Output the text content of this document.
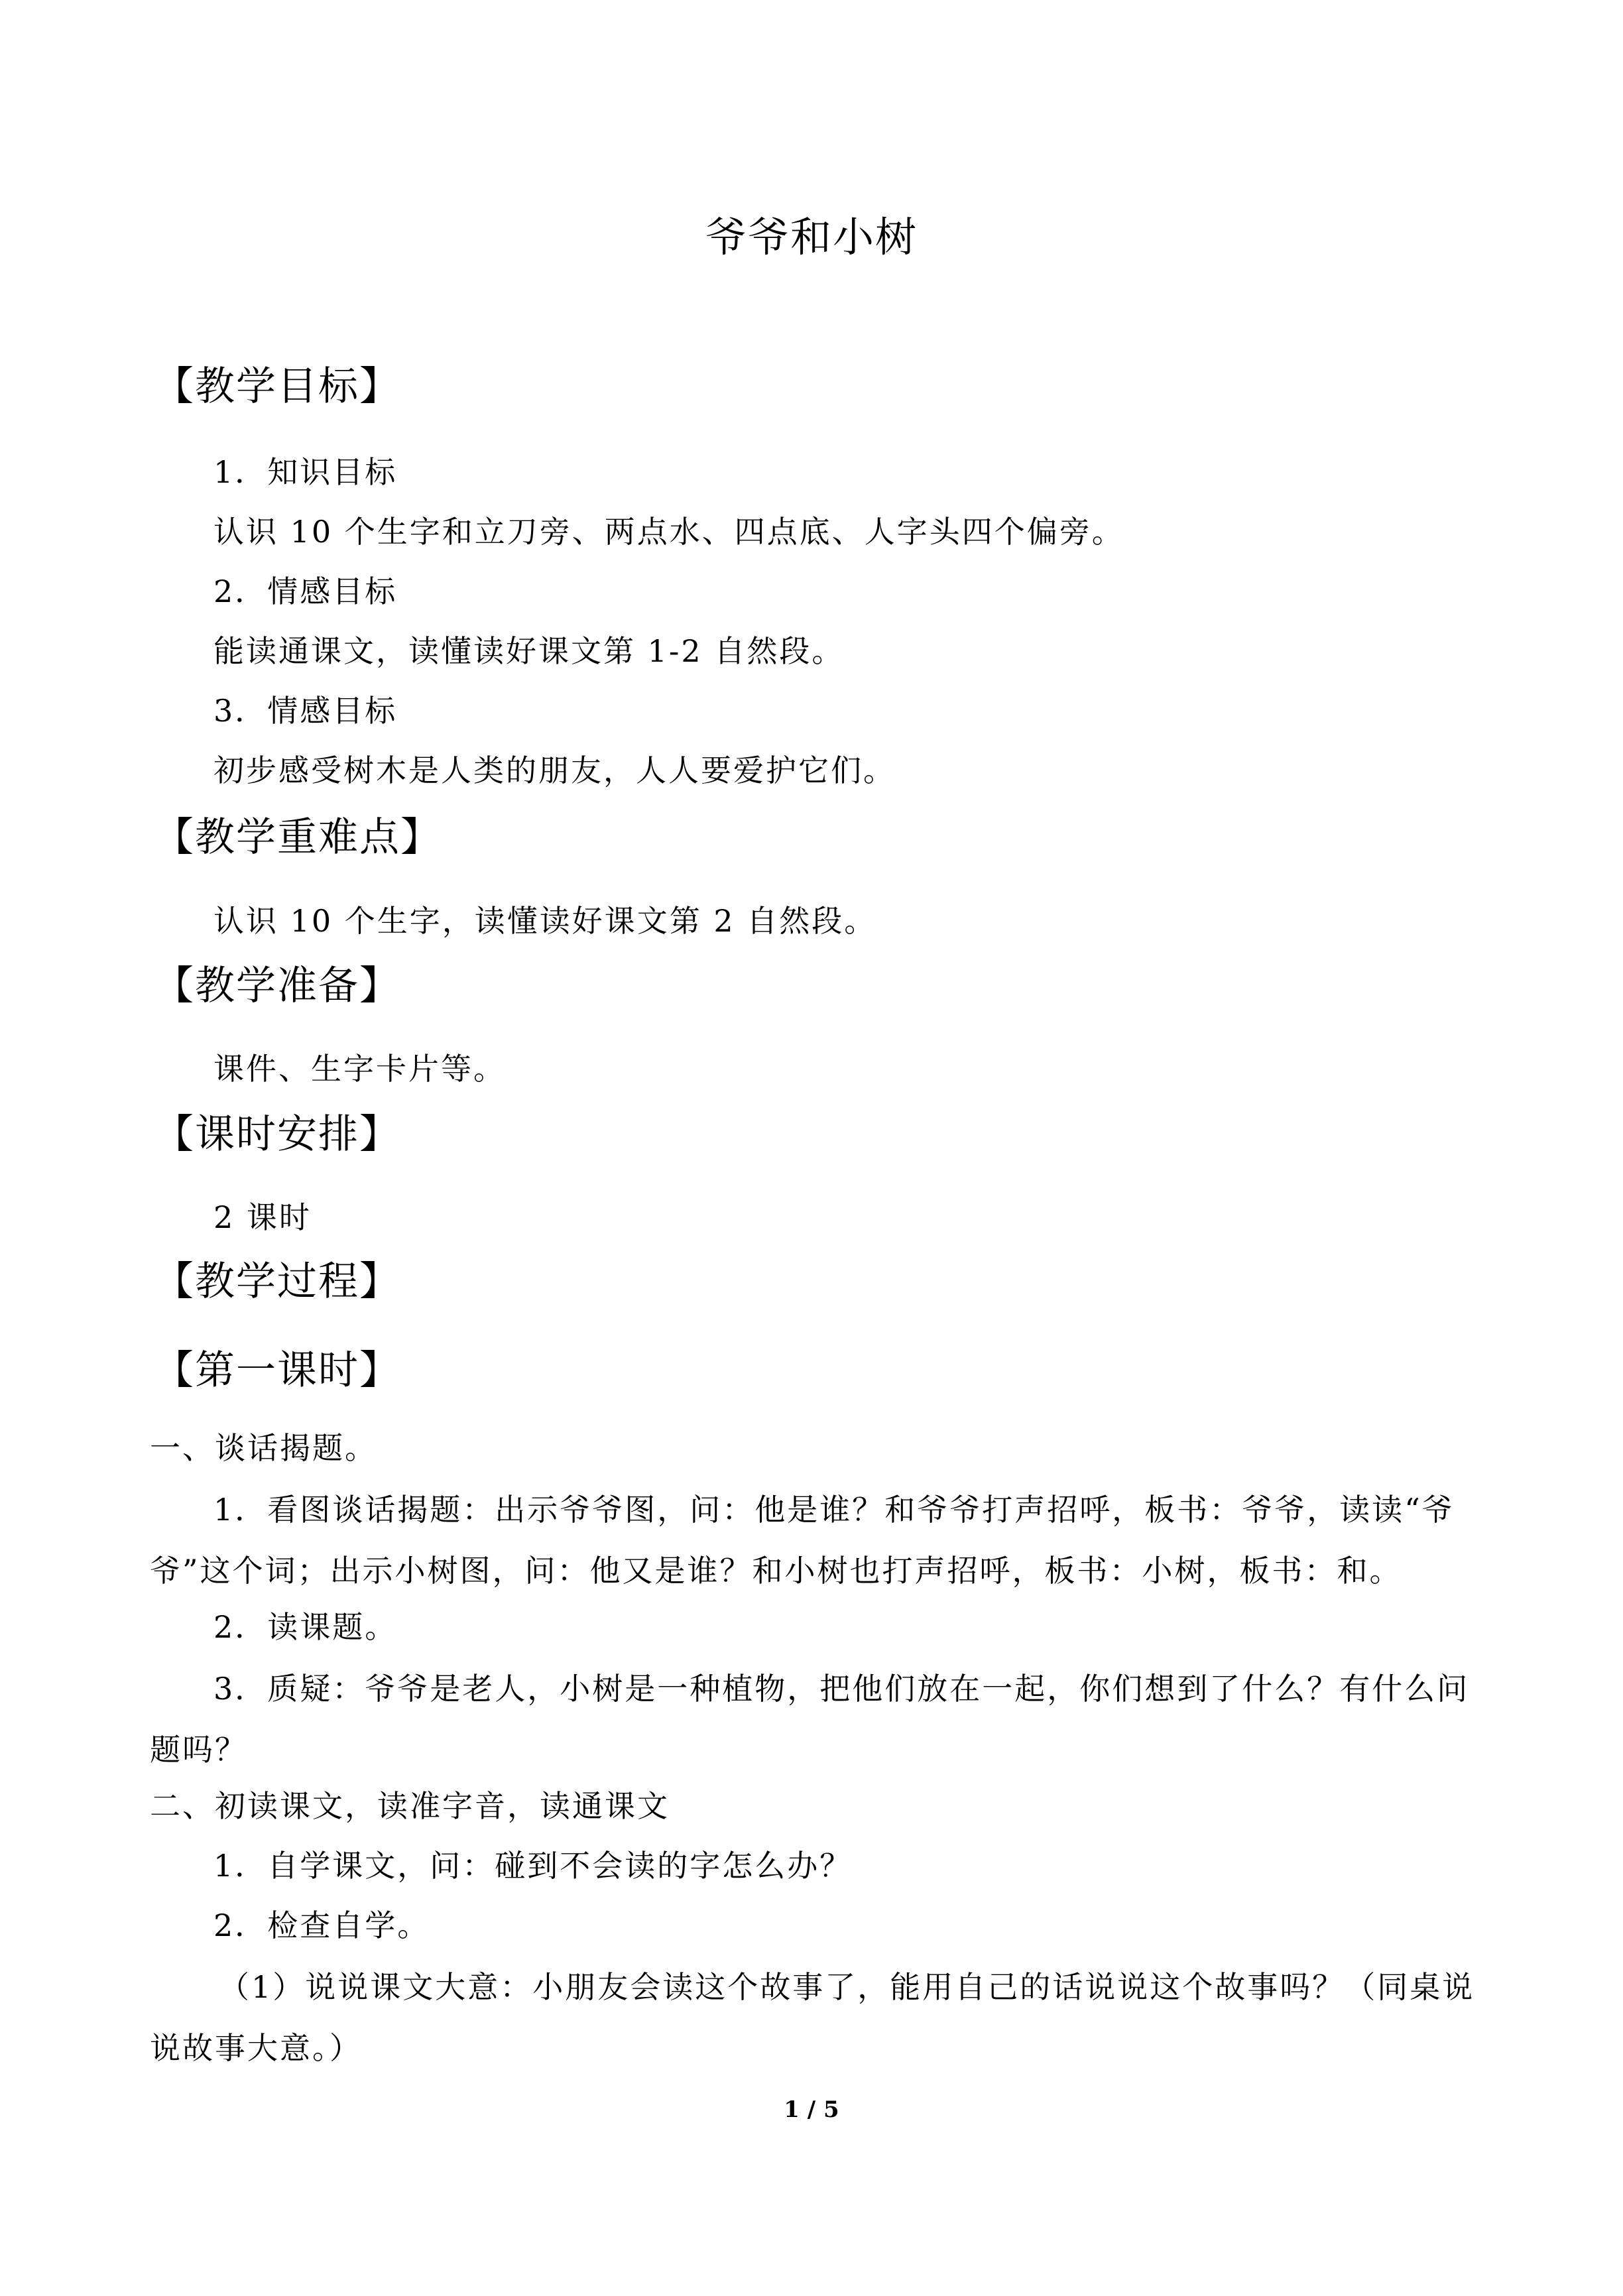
爷爷和小树
【教学目标】
1．知识目标
认识 10 个生字和立刀旁、两点水、四点底、人字头四个偏旁。
2．情感目标
能读通课文，读懂读好课文第 1-2 自然段。
3．情感目标
初步感受树木是人类的朋友，人人要爱护它们。
【教学重难点】
认识 10 个生字，读懂读好课文第 2 自然段。
【教学准备】
课件、生字卡片等。
【课时安排】
2 课时
【教学过程】
【第一课时】
一、谈话揭题。
1．看图谈话揭题：出示爷爷图，问：他是谁？和爷爷打声招呼，板书：爷爷，读读“爷爷”这个词；出示小树图，问：他又是谁？和小树也打声招呼，板书：小树，板书：和。
2．读课题。
3．质疑：爷爷是老人，小树是一种植物，把他们放在一起，你们想到了什么？有什么问题吗？
二、初读课文，读准字音，读通课文
1．自学课文，问：碰到不会读的字怎么办？
2．检查自学。
（1）说说课文大意：小朋友会读这个故事了，能用自己的话说说这个故事吗？（同桌说说故事大意。）
1 / 5
